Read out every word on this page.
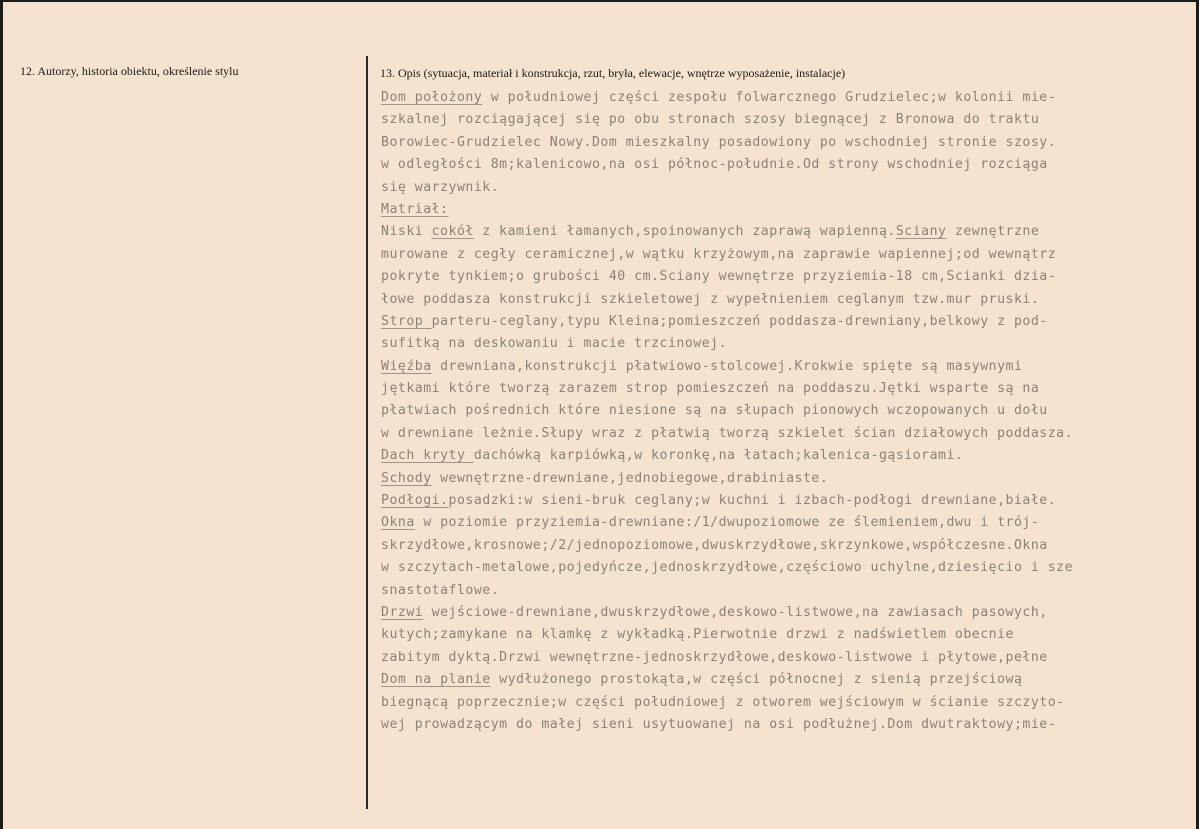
12. Autorzy, historia obiektu, określenie stylu	13. Opis (sytuacja, materiał i konstrukcja, rzut, bryła, elewacje, wnętrze wyposażenie, instalacje)
Dom położony w południowej części zespołu folwarcznego Grudzielec;w kolonii mie-
szkalnej rozciągającej się po obu stronach szosy biegnącej z Bronowa do traktu
Borowiec-Grudzielec Nowy.Dom mieszkalny posadowiony po wschodniej stronie szosy.
w odległości 8m;kalenicowo,na osi północ-południe.Od strony wschodniej rozciąga
się warzywnik.
Matriał:
Niski cokół z kamieni łamanych,spoinowanych zaprawą wapienną.Sciany zewnętrzne
murowane z cegły ceramicznej,w wątku krzyżowym,na zaprawie wapiennej;od wewnątrz
pokryte tynkiem;o grubości 40 cm.Sciany wewnętrze przyziemia-18 cm,Scianki dzia-
łowe poddasza konstrukcji szkieletowej z wypełnieniem ceglanym tzw.mur pruski.
Strop parteru-ceglany,typu Kleina;pomieszczeń poddasza-drewniany,belkowy z pod-
sufitką na deskowaniu i macie trzcinowej.
Więźba drewniana,konstrukcji płatwiowo-stolcowej.Krokwie spięte są masywnymi
jętkami które tworzą zarazem strop pomieszczeń na poddaszu.Jętki wsparte są na
płatwiach pośrednich które niesione są na słupach pionowych wczopowanych u dołu
w drewniane leżnie.Słupy wraz z płatwią tworzą szkielet ścian działowych poddasza.
Dach kryty dachówką karpiówką,w koronkę,na łatach;kalenica-gąsiorami.
Schody wewnętrzne-drewniane,jednobiegowe,drabiniaste.
Podłogi.posadzki:w sieni-bruk ceglany;w kuchni i izbach-podłogi drewniane,białe.
Okna w poziomie przyziemia-drewniane:/1/dwupoziomowe ze ślemieniem,dwu i trój-
skrzydłowe,krosnowe;/2/jednopoziomowe,dwuskrzydłowe,skrzynkowe,współczesne.Okna
w szczytach-metalowe,pojedyńcze,jednoskrzydłowe,częściowo uchylne,dziesięcio i sze
snastotaflowe.
Drzwi wejściowe-drewniane,dwuskrzydłowe,deskowo-listwowe,na zawiasach pasowych,
kutych;zamykane na klamkę z wykładką.Pierwotnie drzwi z nadświetlem obecnie
zabitym dyktą.Drzwi wewnętrzne-jednoskrzydłowe,deskowo-listwowe i płytowe,pełne
Dom na planie wydłużonego prostokąta,w części północnej z sienią przejściową
biegnącą poprzecznie;w części południowej z otworem wejściowym w ścianie szczyto-
wej prowadzącym do małej sieni usytuowanej na osi podłużnej.Dom dwutraktowy;mie-
